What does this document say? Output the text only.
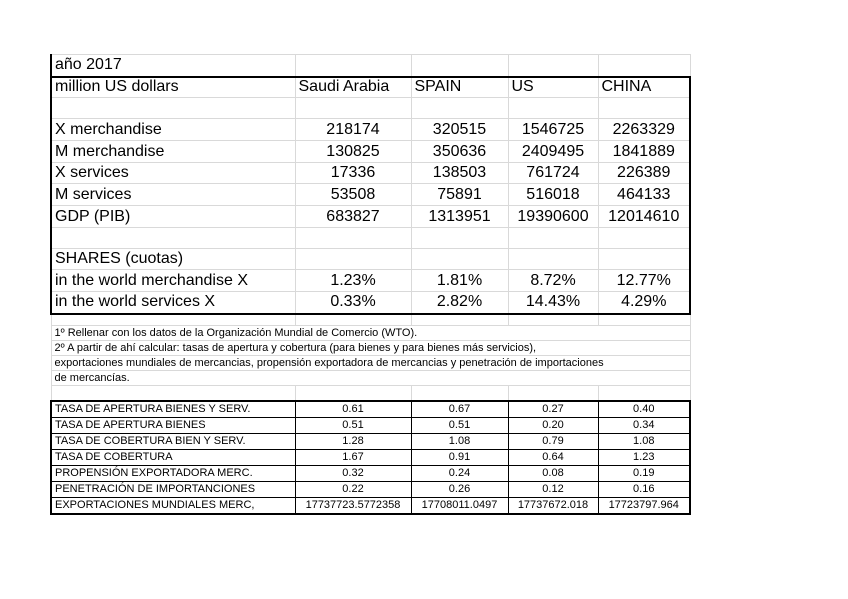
año 2017				
million US dollars	Saudi Arabia	SPAIN	US	CHINA

X merchandise	218174	320515	1546725	2263329
M merchandise	130825	350636	2409495	1841889
X services	17336	138503	761724	226389
M services	53508	75891	516018	464133
GDP (PIB)	683827	1313951	19390600	12014610

SHARES (cuotas)				
in the world merchandise X	1.23%	1.81%	8.72%	12.77%
in the world services X	0.33%	2.82%	14.43%	4.29%

1º Rellenar con los datos de la Organización Mundial de Comercio (WTO).				
2º A partir de ahí calcular: tasas de apertura y cobertura (para bienes y para bienes más servicios),				
exportaciones mundiales de mercancias, propensión exportadora de mercancias y penetración de importaciones				
de mercancías.				

TASA DE APERTURA BIENES Y SERV.	0.61	0.67	0.27	0.40
TASA DE APERTURA BIENES	0.51	0.51	0.20	0.34
TASA DE COBERTURA BIEN Y SERV.	1.28	1.08	0.79	1.08
TASA DE COBERTURA	1.67	0.91	0.64	1.23
PROPENSIÓN EXPORTADORA MERC.	0.32	0.24	0.08	0.19
PENETRACIÓN DE IMPORTANCIONES	0.22	0.26	0.12	0.16
EXPORTACIONES MUNDIALES MERC,	17737723.5772358	17708011.0497	17737672.018	17723797.964
